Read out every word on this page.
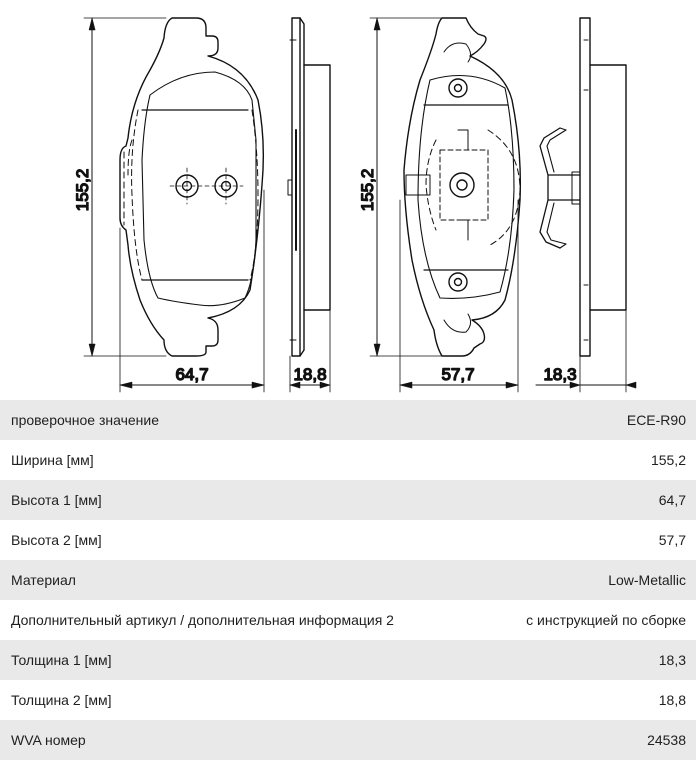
155,2
64,7	18,8
155,2
57,7	18,3
проверочное значение	ECE-R90
Ширина [мм]	155,2
Высота 1 [мм]	64,7
Высота 2 [мм]	57,7
Материал	Low-Metallic
Дополнительный артикул / дополнительная информация 2	с инструкцией по сборке
Толщина 1 [мм]	18,3
Толщина 2 [мм]	18,8
WVA номер	24538
